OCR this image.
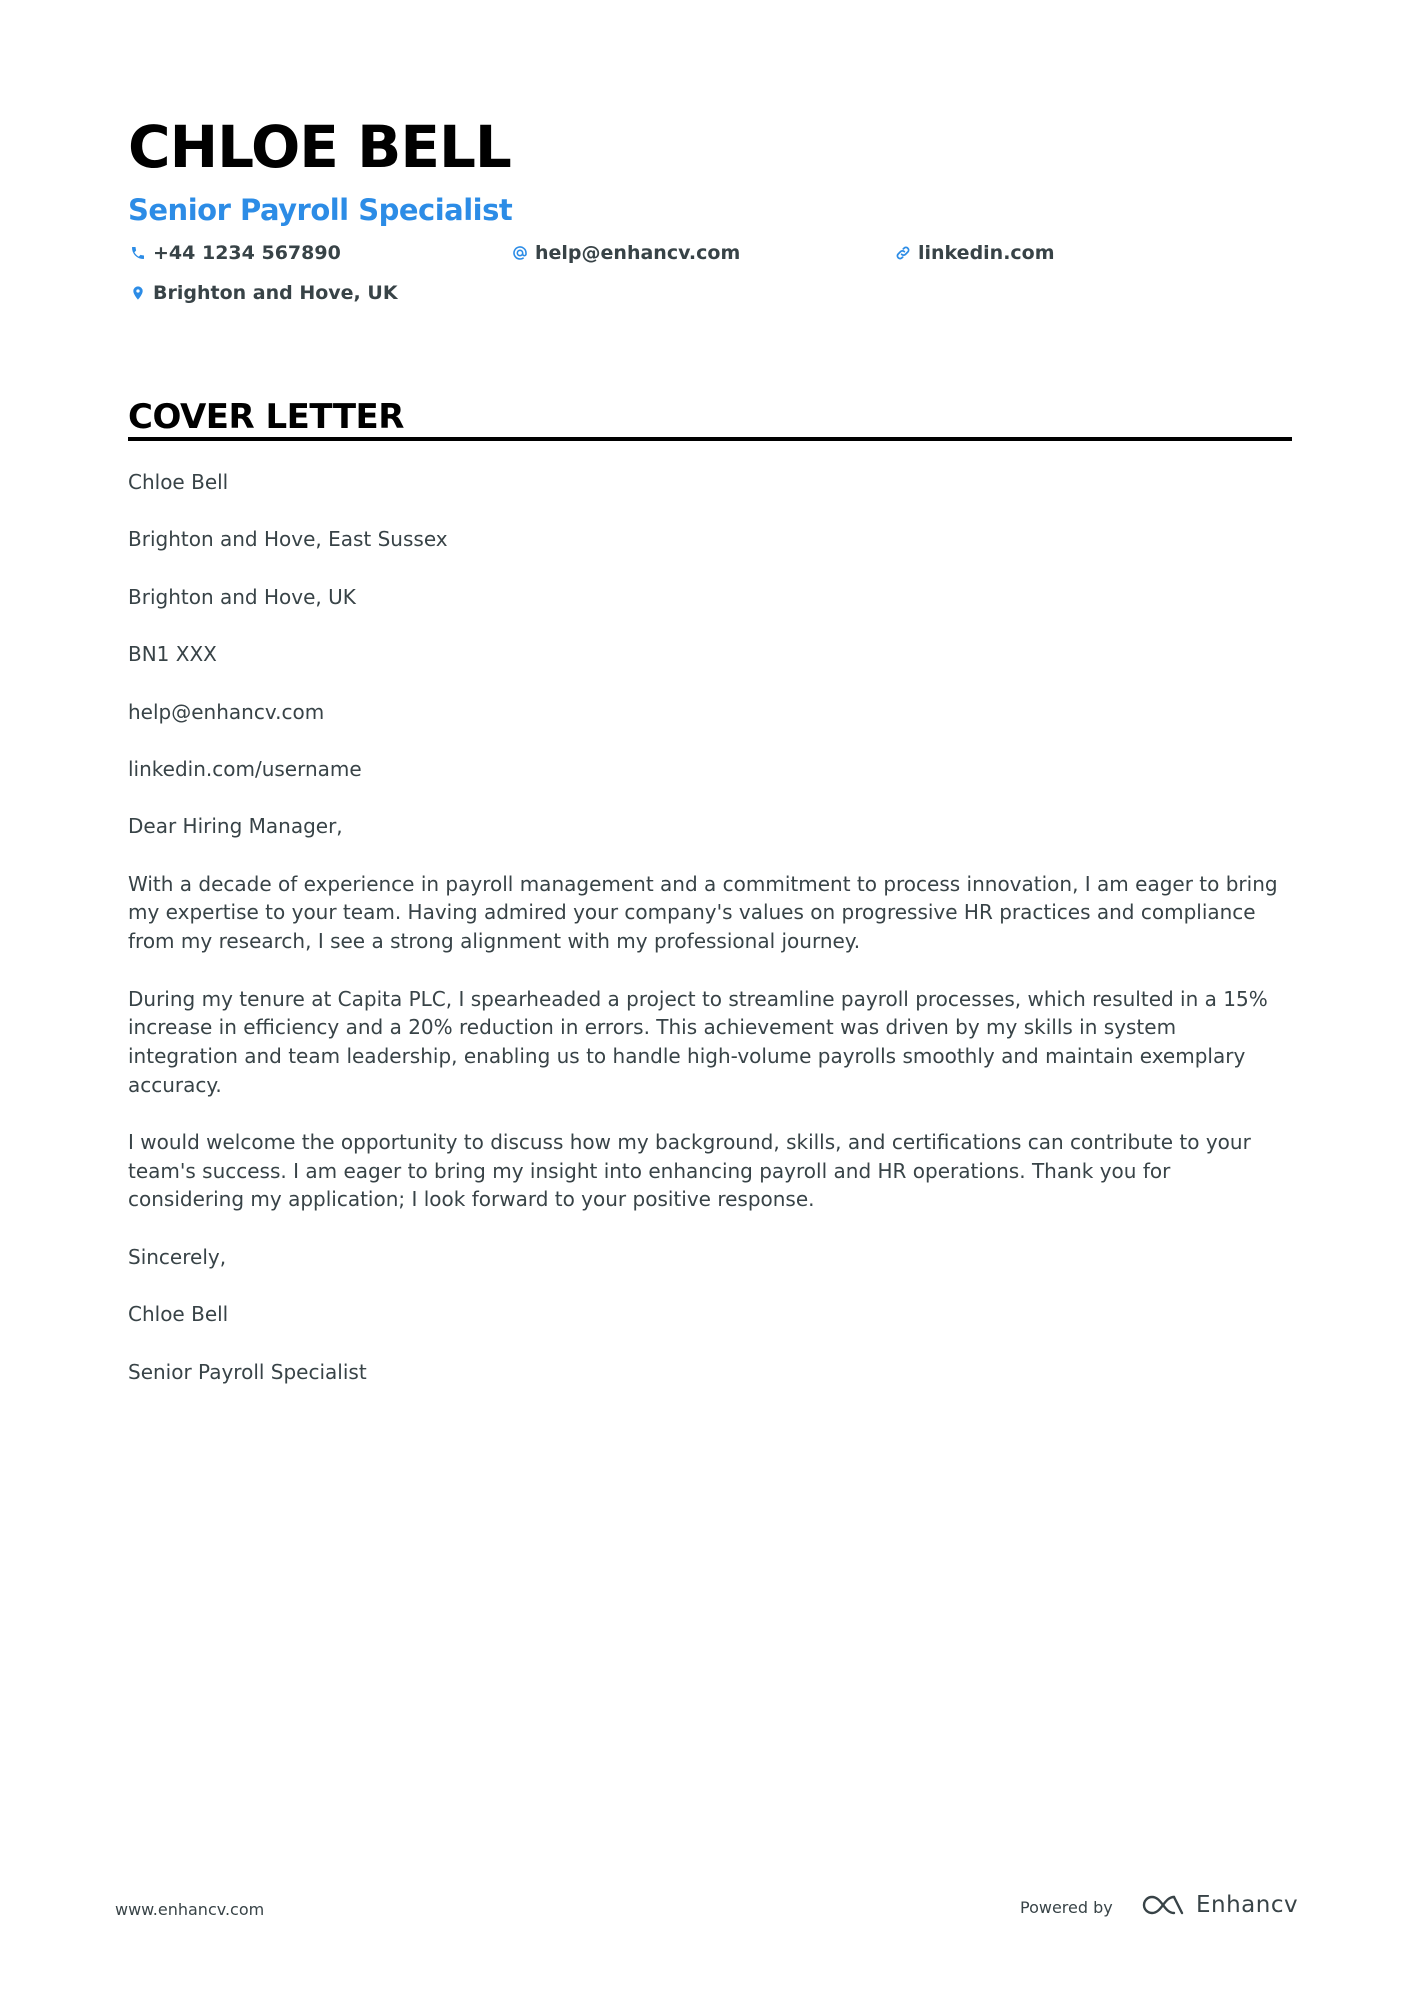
CHLOE BELL
Senior Payroll Specialist
+44 1234 567890	help@enhancv.com	linkedin.com
Brighton and Hove, UK
COVER LETTER

Chloe Bell

Brighton and Hove, East Sussex

Brighton and Hove, UK

BN1 XXX

help@enhancv.com

linkedin.com/username

Dear Hiring Manager,

With a decade of experience in payroll management and a commitment to process innovation, I am eager to bring my expertise to your team. Having admired your company's values on progressive HR practices and compliance from my research, I see a strong alignment with my professional journey.

During my tenure at Capita PLC, I spearheaded a project to streamline payroll processes, which resulted in a 15% increase in efficiency and a 20% reduction in errors. This achievement was driven by my skills in system integration and team leadership, enabling us to handle high-volume payrolls smoothly and maintain exemplary accuracy.

I would welcome the opportunity to discuss how my background, skills, and certifications can contribute to your team's success. I am eager to bring my insight into enhancing payroll and HR operations. Thank you for considering my application; I look forward to your positive response.

Sincerely,

Chloe Bell

Senior Payroll Specialist

www.enhancv.com	Powered by	Enhancv
